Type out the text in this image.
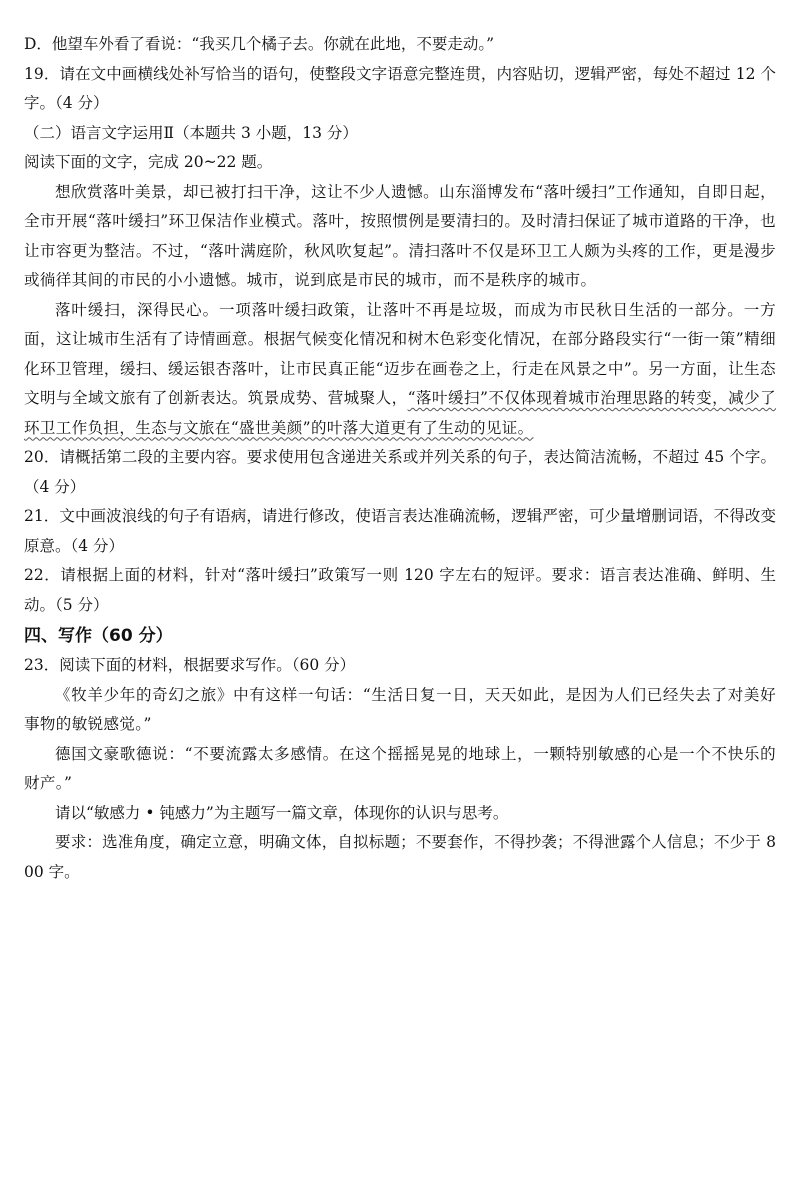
D．他望车外看了看说：“我买几个橘子去。你就在此地，不要走动。”

19．请在文中画横线处补写恰当的语句，使整段文字语意完整连贯，内容贴切，逻辑严密，每处不超过 12 个字。（4 分）

（二）语言文字运用Ⅱ（本题共 3 小题，13 分）

阅读下面的文字，完成 20~22 题。

想欣赏落叶美景，却已被打扫干净，这让不少人遗憾。山东淄博发布“落叶缓扫”工作通知，自即日起，全市开展“落叶缓扫”环卫保洁作业模式。落叶，按照惯例是要清扫的。及时清扫保证了城市道路的干净，也让市容更为整洁。不过，“落叶满庭阶，秋风吹复起”。清扫落叶不仅是环卫工人颇为头疼的工作，更是漫步或徜徉其间的市民的小小遗憾。城市，说到底是市民的城市，而不是秩序的城市。

落叶缓扫，深得民心。一项落叶缓扫政策，让落叶不再是垃圾，而成为市民秋日生活的一部分。一方面，这让城市生活有了诗情画意。根据气候变化情况和树木色彩变化情况，在部分路段实行“一街一策”精细化环卫管理，缓扫、缓运银杏落叶，让市民真正能“迈步在画卷之上，行走在风景之中”。另一方面，让生态文明与全域文旅有了创新表达。筑景成势、营城聚人，“落叶缓扫”不仅体现着城市治理思路的转变，减少了环卫工作负担，生态与文旅在“盛世美颜”的叶落大道更有了生动的见证。

20．请概括第二段的主要内容。要求使用包含递进关系或并列关系的句子，表达简洁流畅，不超过 45 个字。（4 分）

21．文中画波浪线的句子有语病，请进行修改，使语言表达准确流畅，逻辑严密，可少量增删词语，不得改变原意。（4 分）

22．请根据上面的材料，针对“落叶缓扫”政策写一则 120 字左右的短评。要求：语言表达准确、鲜明、生动。（5 分）

四、写作（60 分）

23．阅读下面的材料，根据要求写作。（60 分）

《牧羊少年的奇幻之旅》中有这样一句话：“生活日复一日，天天如此，是因为人们已经失去了对美好事物的敏锐感觉。”

德国文豪歌德说：“不要流露太多感情。在这个摇摇晃晃的地球上，一颗特别敏感的心是一个不快乐的财产。”

请以“敏感力 • 钝感力”为主题写一篇文章，体现你的认识与思考。

要求：选准角度，确定立意，明确文体，自拟标题；不要套作，不得抄袭；不得泄露个人信息；不少于 800 字。
